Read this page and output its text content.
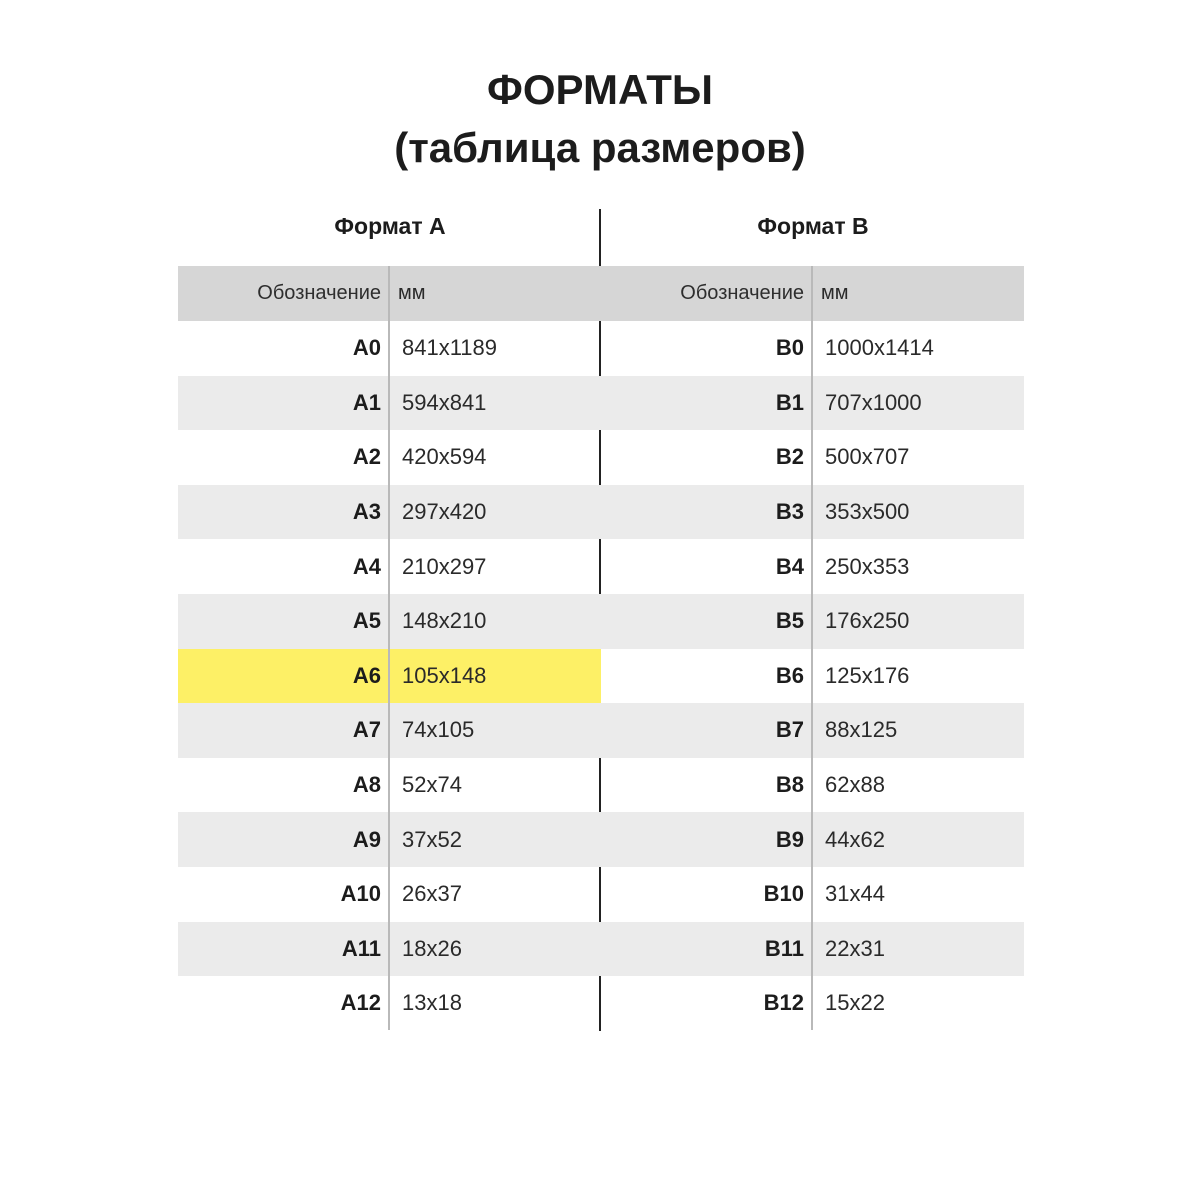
ФОРМАТЫ
(таблица размеров)
Формат А	Формат В
Обозначение мм
A0 841x1189
A1 594x841
A2 420x594
A3 297x420
A4 210x297
A5 148x210
A6 105x148
A7 74x105
A8 52x74
A9 37x52
A10 26x37
A11 18x26
A12 13x18
Обозначение мм
B0 1000x1414
B1 707x1000
B2 500x707
B3 353x500
B4 250x353
B5 176x250
B6 125x176
B7 88x125
B8 62x88
B9 44x62
B10 31x44
B11 22x31
B12 15x22
